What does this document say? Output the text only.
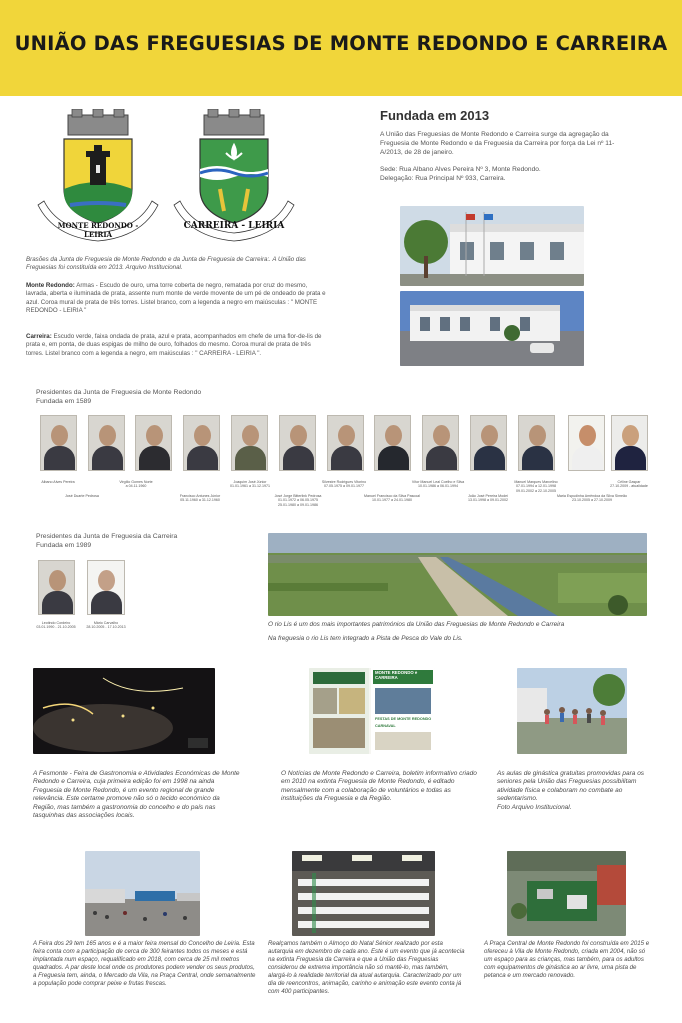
UNIÃO DAS FREGUESIAS DE MONTE REDONDO E CARREIRA
MONTE REDONDO - LEIRIA
CARREIRA - LEIRIA
Brasões da Junta de Freguesia de Monte Redondo e da Junta de Freguesia de Carreira:. A União das Freguesias foi constituída em 2013. Arquivo Institucional.
Monte Redondo: Armas - Escudo de ouro, uma torre coberta de negro, rematada por cruz do mesmo, lavrada, aberta e iluminada de prata, assente num monte de verde movente de um pé de ondeado de prata e azul. Coroa mural de prata de três torres. Listel branco, com a legenda a negro em maiúsculas : " MONTE REDONDO - LEIRIA "
Carreira: Escudo verde, faixa ondada de prata, azul e prata, acompanhados em chefe de uma flor-de-lis de prata e, em ponta, de duas espigas de milho de ouro, folhados do mesmo. Coroa mural de prata de três torres. Listel branco com a legenda a negro, em maiúsculas : " CARREIRA - LEIRIA ".
Fundada em 2013
A União das Freguesias de Monte Redondo e Carreira surge da agregação da Freguesia de Monte Redondo e da Freguesia da Carreira por força da Lei nº 11-A/2013, de 28 de janeiro.
Sede: Rua Albano Alves Pereira Nº 3, Monte Redondo.
Delegação: Rua Principal Nº 933, Carreira.
Presidentes da Junta de Freguesia de Monte Redondo
Fundada em 1589
Albano Alves Pereira
José Duarte Pedrosa
Virgílio Gomes Norte
a 04.11.1960
Francisco Antunes Júnior
05.11.1960 a 31.12.1960
Joaquim José Júnior
01.01.1961 a 31.12.1971
José Jorge Bitterlink Pedrosa
01.01.1972 a 06.05.1975
25.01.1980 a 09.01.1986
Silvestre Rodrigues Vitorino
07.05.1975 a 09.01.1977
Manuel Francisco da Silva Pascoal
10.01.1977 a 24.01.1980
Vítor Manuel Leal Coelho e Silva
10.01.1986 a 06.01.1994
João José Pereira Modei
13.01.1998 a 09.01.2002
Manuel Marques Marcelino
07.01.1994 a 12.01.1998
09.01.2002 a 22.10.2005
Maria Espudinha Amêndoa da Silva Simeão
23.10.2005 a 27.10.2009
Céline Gaspar
27.10.2009 - atualidade
Presidentes da Junta de Freguesia da Carreira
Fundada em 1989
Leotindo Cordeiro
03.01.1990 - 21.10.2005
Mário Carvalho
28.10.2005 - 17.10.2013	O rio Lis é um dos mais importantes patrimónios da União das Freguesias de Monte Redondo e Carreira
Na freguesia o rio Lis tem integrado a Pista de Pesca do Vale do Lis.
MONTE REDONDO e CARREIRA
FESTAS DE MONTE REDONDO
CARNAVAL
A Fesmonte - Feira de Gastronomia e Atividades Económicas de Monte Redondo e Carreira, cuja primeira edição foi em 1998 na ainda Freguesia de Monte Redondo, é um evento regional de grande relevância. Este certame promove não só o tecido económico da Região, mas também a gastronomia do concelho e do país nas tasquinhas das associações locais.
O Notícias de Monte Redondo e Carreira, boletim informativo criado em 2010 na extinta Freguesia de Monte Redondo, é editado mensalmente com a colaboração de voluntários e todas as instituições da Freguesia e da Região.
As aulas de ginástica gratuitas promovidas para os seniores pela União das Freguesias possibilitam atividade física e colaboram no combate ao sedentarismo.
Foto Arquivo Institucional.
A Feira dos 29 tem 165 anos e é a maior feira mensal do Concelho de Leiria. Esta feira conta com a participação de cerca de 300 feirantes todos os meses e está implantada num espaço, requalificado em 2018, com cerca de 25 mil metros quadrados. A par deste local onde os produtores podem vender os seus produtos, a Freguesia tem, ainda, o Mercado da Vila, na Praça Central, onde semanalmente a população pode comprar peixe e frutas frescas.
Realçamos também o Almoço do Natal Sénior realizado por esta autarquia em dezembro de cada ano. Este é um evento que já acontecia na extinta Freguesia da Carreira e que a União das Freguesias considerou de extrema importância não só mantê-lo, mas também, alargá-lo à realidade territorial da atual autarquia. Caracterizado por um dia de reencontros, animação, carinho e animação este evento conta já com 400 participantes.
A Praça Central de Monte Redondo foi construída em 2015 e ofereceu à Vila de Monte Redondo, criada em 2004, não só um espaço para as crianças, mas também, para os adultos com equipamentos de ginástica ao ar livre, uma pista de petanca e um mercado renovado.
